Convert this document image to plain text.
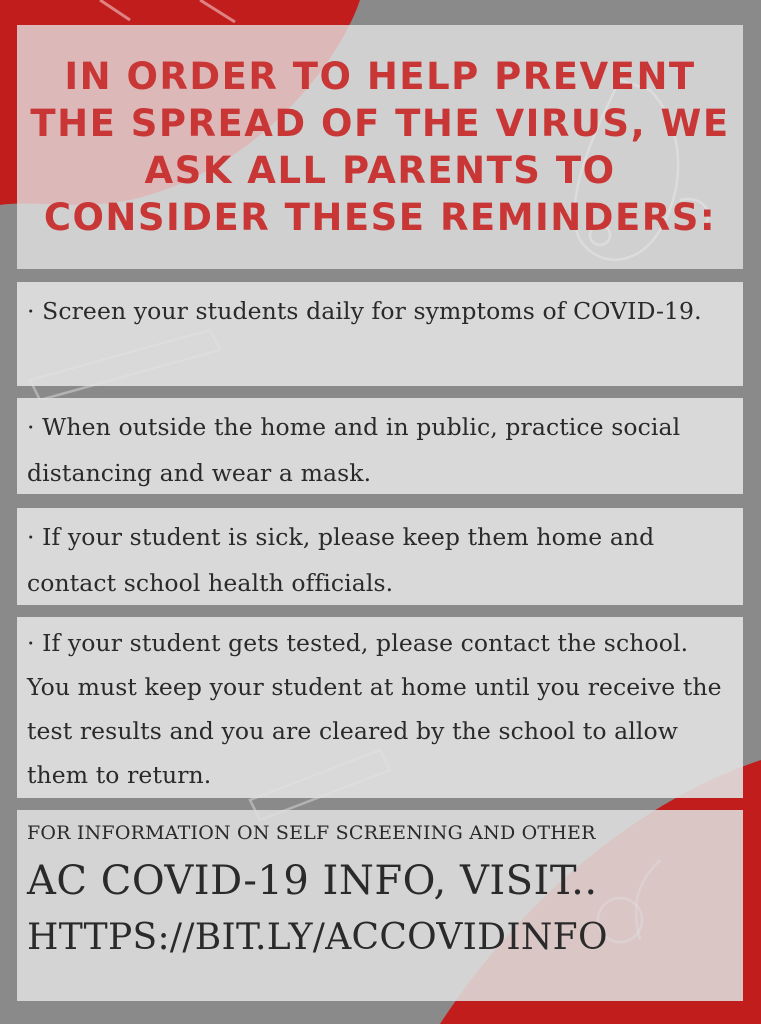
IN ORDER TO HELP PREVENT THE SPREAD OF THE VIRUS, WE ASK ALL PARENTS TO CONSIDER THESE REMINDERS:
· Screen your students daily for symptoms of COVID-19.
· When outside the home and in public, practice social distancing and wear a mask.
· If your student is sick, please keep them home and contact school health officials.
· If your student gets tested, please contact the school. You must keep your student at home until you receive the test results and you are cleared by the school to allow them to return.
FOR INFORMATION ON SELF SCREENING AND OTHER
AC COVID-19 INFO, VISIT..
HTTPS://BIT.LY/ACCOVIDINFO
